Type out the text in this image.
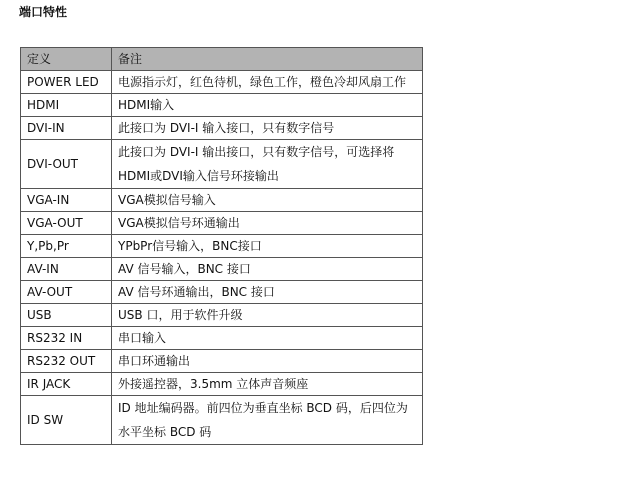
端口特性
定义	备注
POWER LED	电源指示灯，红色待机，绿色工作，橙色冷却风扇工作
HDMI	HDMI输入
DVI-IN	此接口为 DVI-I 输入接口，只有数字信号
DVI-OUT	此接口为 DVI-I 输出接口，只有数字信号，可选择将
HDMI或DVI输入信号环接输出

VGA-IN	VGA模拟信号输入
VGA-OUT	VGA模拟信号环通输出
Y,Pb,Pr	YPbPr信号输入，BNC接口
AV-IN	AV 信号输入，BNC 接口
AV-OUT	AV 信号环通输出，BNC 接口
USB	USB 口，用于软件升级
RS232 IN	串口输入
RS232 OUT	串口环通输出
IR JACK	外接遥控器，3.5mm 立体声音频座
ID SW	ID 地址编码器。前四位为垂直坐标 BCD 码，后四位为
水平坐标 BCD 码
